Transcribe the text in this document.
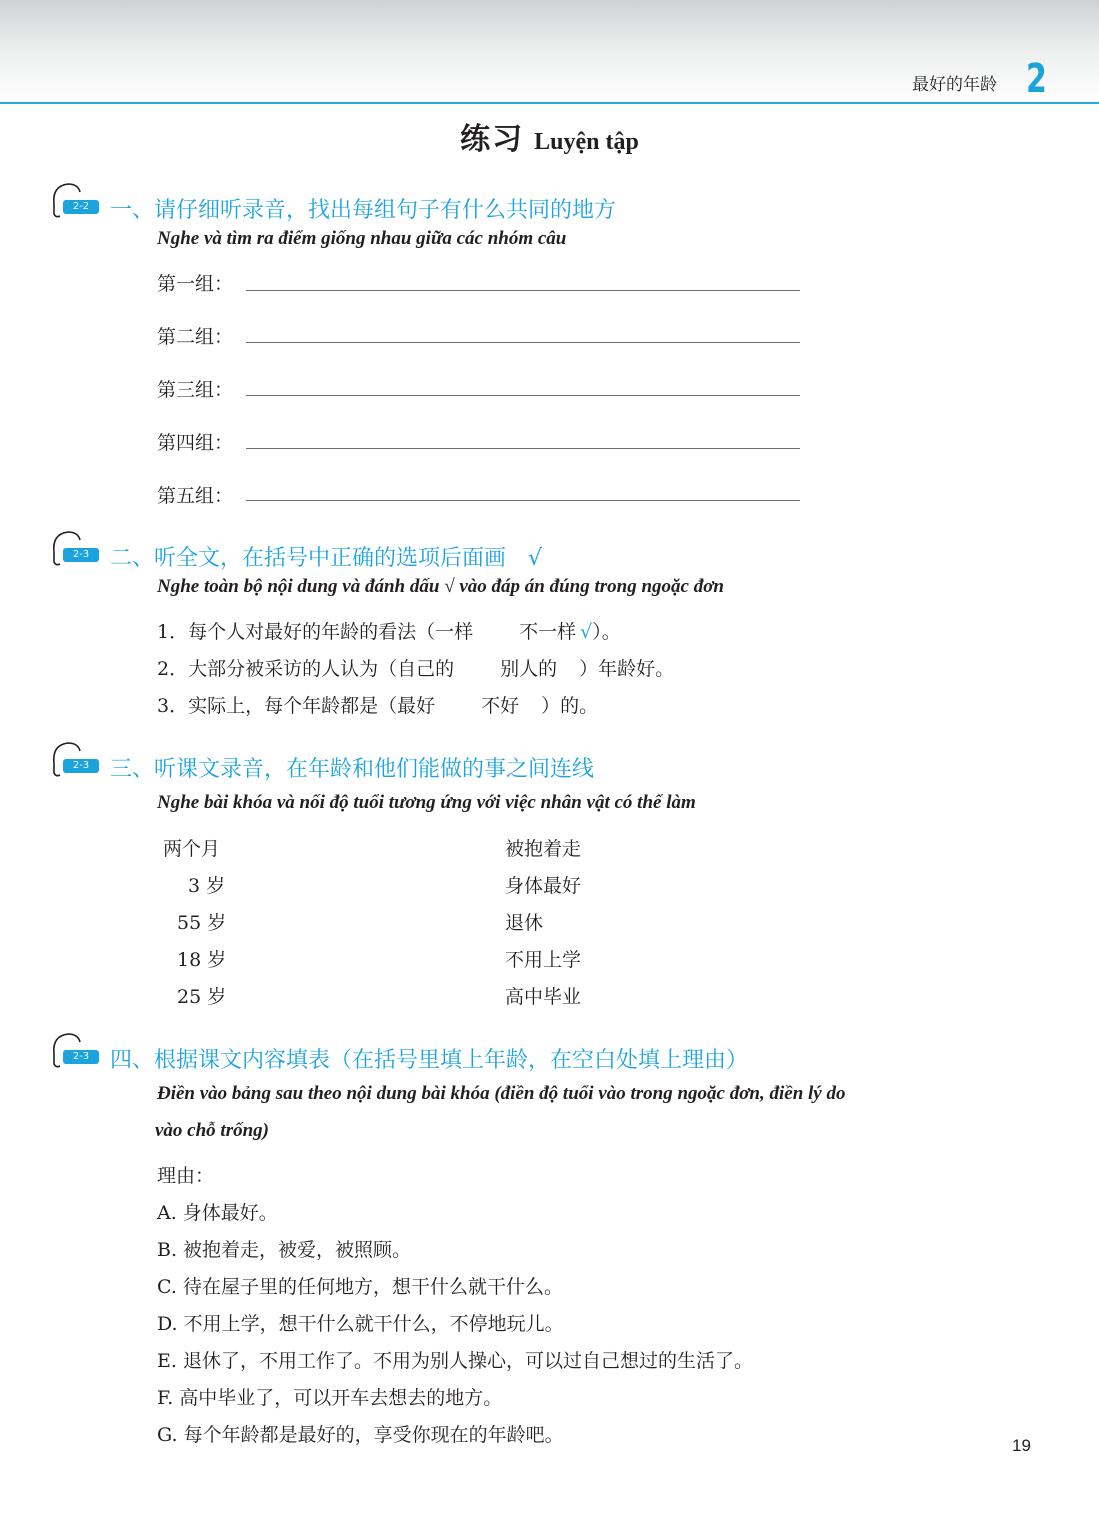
最好的年龄 2
练习 Luyện tập
2-2 一、请仔细听录音，找出每组句子有什么共同的地方
Nghe và tìm ra điểm giống nhau giữa các nhóm câu
第一组：
第二组：
第三组：
第四组：
第五组：
2-3 二、听全文，在括号中正确的选项后面画　 √
Nghe toàn bộ nội dung và đánh dấu √ vào đáp án đúng trong ngoặc đơn
1．每个人对最好的年龄的看法（一样 不一样 √）。
2．大部分被采访的人认为（自己的 别人的 ）年龄好。
3．实际上，每个年龄都是（最好 不好 ）的。
2-3 三、听课文录音，在年龄和他们能做的事之间连线
Nghe bài khóa và nối độ tuổi tương ứng với việc nhân vật có thể làm
两个月
3 岁
55 岁
18 岁
25 岁
被抱着走
身体最好
退休
不用上学
高中毕业
2-3 四、根据课文内容填表（在括号里填上年龄，在空白处填上理由）
Điền vào bảng sau theo nội dung bài khóa (điền độ tuổi vào trong ngoặc đơn, điền lý do
vào chỗ trống)
理由：
A. 身体最好。
B. 被抱着走，被爱，被照顾。
C. 待在屋子里的任何地方，想干什么就干什么。
D. 不用上学，想干什么就干什么，不停地玩儿。
E. 退休了，不用工作了。不用为别人操心，可以过自己想过的生活了。
F. 高中毕业了，可以开车去想去的地方。
G. 每个年龄都是最好的，享受你现在的年龄吧。	19
